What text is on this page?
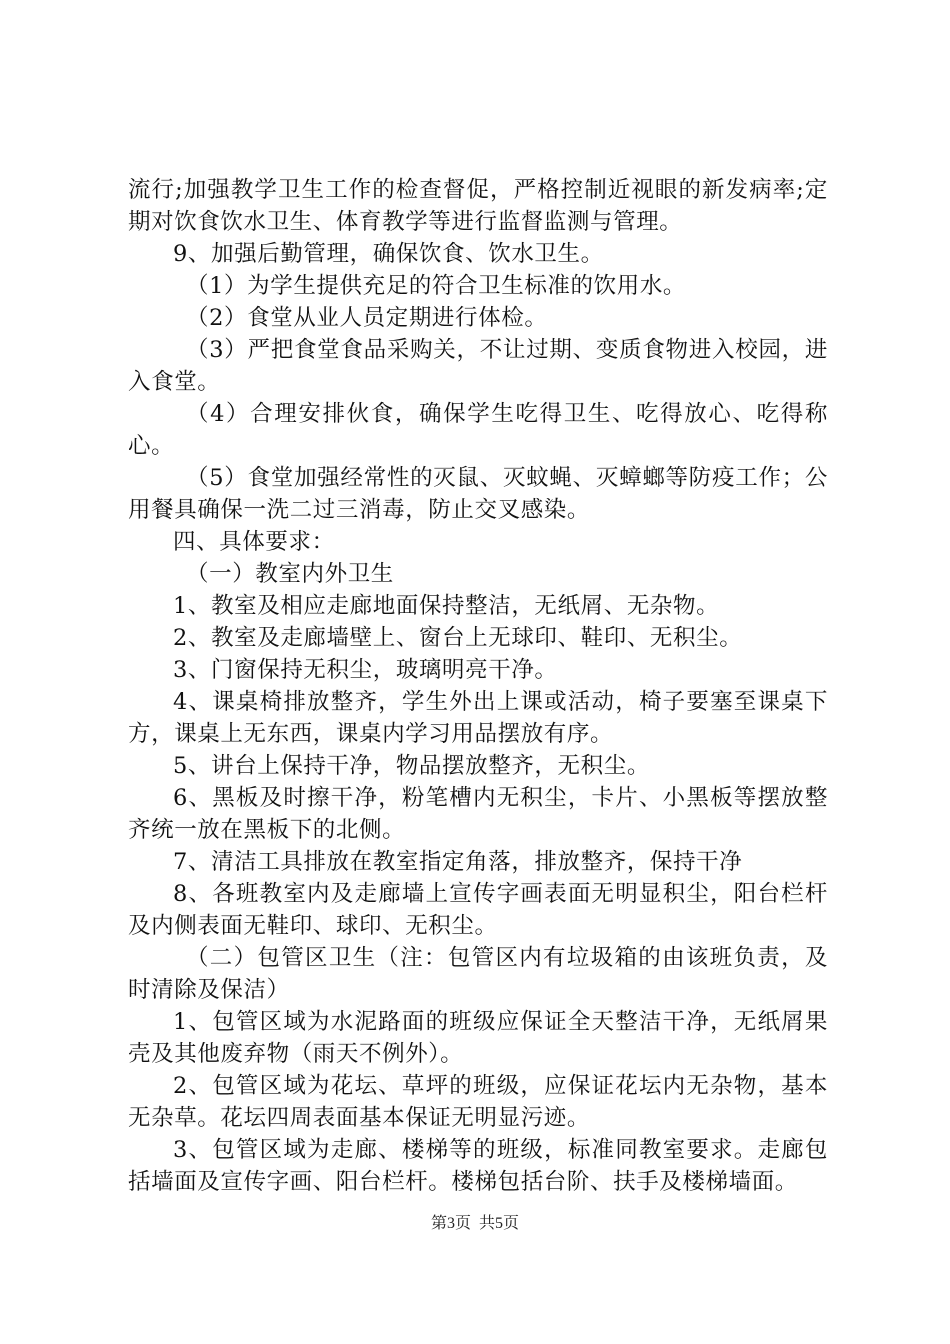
流行;加强教学卫生工作的检查督促，严格控制近视眼的新发病率;定期对饮食饮水卫生、体育教学等进行监督监测与管理。

9、加强后勤管理，确保饮食、饮水卫生。

（1）为学生提供充足的符合卫生标准的饮用水。

（2）食堂从业人员定期进行体检。

（3）严把食堂食品采购关，不让过期、变质食物进入校园，进入食堂。

（4）合理安排伙食，确保学生吃得卫生、吃得放心、吃得称心。

（5）食堂加强经常性的灭鼠、灭蚊蝇、灭蟑螂等防疫工作；公用餐具确保一洗二过三消毒，防止交叉感染。

四、具体要求：

（一）教室内外卫生

1、教室及相应走廊地面保持整洁，无纸屑、无杂物。

2、教室及走廊墙壁上、窗台上无球印、鞋印、无积尘。

3、门窗保持无积尘，玻璃明亮干净。

4、课桌椅排放整齐，学生外出上课或活动，椅子要塞至课桌下方，课桌上无东西，课桌内学习用品摆放有序。

5、讲台上保持干净，物品摆放整齐，无积尘。

6、黑板及时擦干净，粉笔槽内无积尘，卡片、小黑板等摆放整齐统一放在黑板下的北侧。

7、清洁工具排放在教室指定角落，排放整齐，保持干净

8、各班教室内及走廊墙上宣传字画表面无明显积尘，阳台栏杆及内侧表面无鞋印、球印、无积尘。

（二）包管区卫生（注：包管区内有垃圾箱的由该班负责，及时清除及保洁）

1、包管区域为水泥路面的班级应保证全天整洁干净，无纸屑果壳及其他废弃物（雨天不例外）。

2、包管区域为花坛、草坪的班级，应保证花坛内无杂物，基本无杂草。花坛四周表面基本保证无明显污迹。

3、包管区域为走廊、楼梯等的班级，标准同教室要求。走廊包括墙面及宣传字画、阳台栏杆。楼梯包括台阶、扶手及楼梯墙面。

第3页 共5页
